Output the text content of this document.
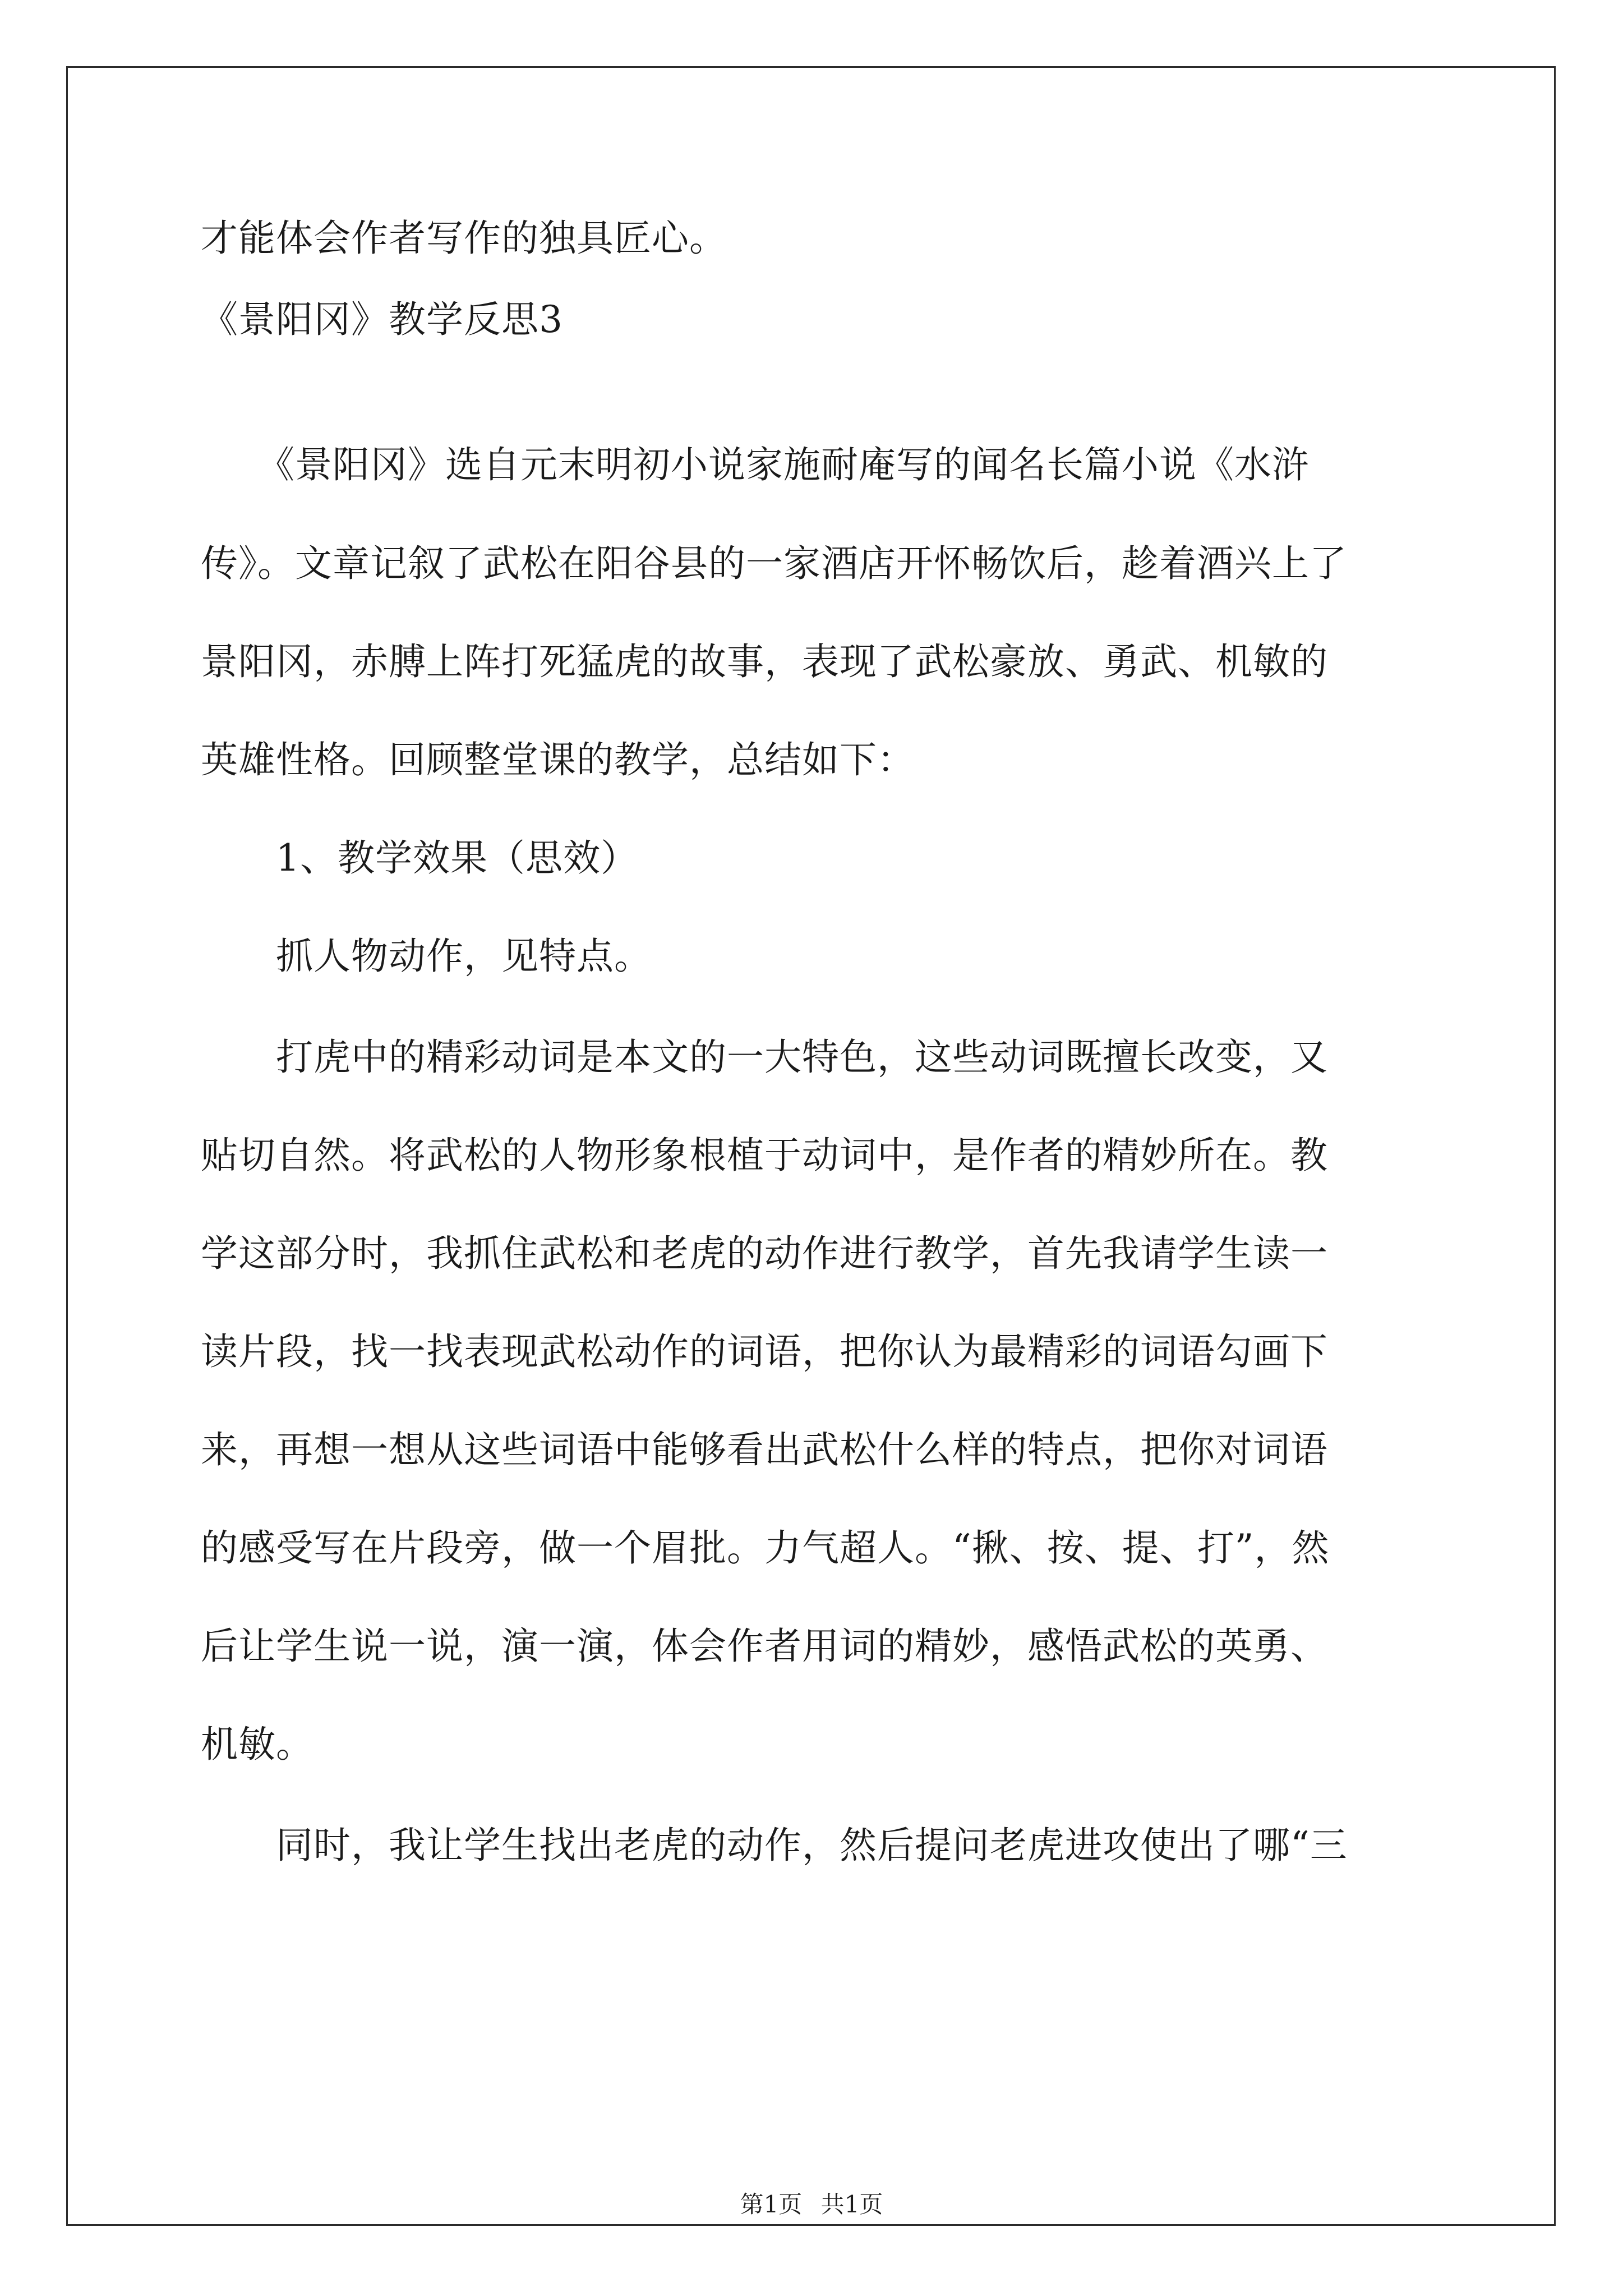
才能体会作者写作的独具匠心。
《景阳冈》教学反思3
　　《景阳冈》选自元末明初小说家施耐庵写的闻名长篇小说《水浒
传》。文章记叙了武松在阳谷县的一家酒店开怀畅饮后，趁着酒兴上了
景阳冈，赤膊上阵打死猛虎的故事，表现了武松豪放、勇武、机敏的
英雄性格。回顾整堂课的教学，总结如下：
　　1、教学效果（思效）
　　抓人物动作，见特点。
　　打虎中的精彩动词是本文的一大特色，这些动词既擅长改变，又
贴切自然。将武松的人物形象根植于动词中，是作者的精妙所在。教
学这部分时，我抓住武松和老虎的动作进行教学，首先我请学生读一
读片段，找一找表现武松动作的词语，把你认为最精彩的词语勾画下
来，再想一想从这些词语中能够看出武松什么样的特点，把你对词语
的感受写在片段旁，做一个眉批。力气超人。“揪、按、提、打”，然
后让学生说一说，演一演，体会作者用词的精妙，感悟武松的英勇、
机敏。
　　同时，我让学生找出老虎的动作，然后提问老虎进攻使出了哪“三
第1页 共1页
